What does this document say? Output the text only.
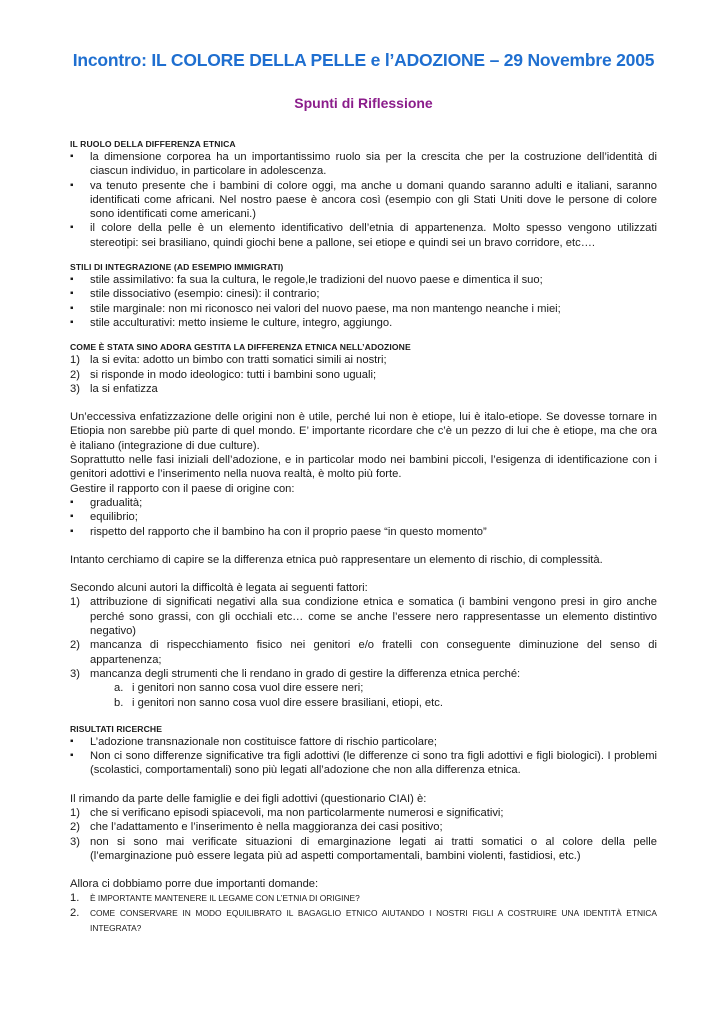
Incontro: IL COLORE DELLA PELLE e l’ADOZIONE – 29 Novembre 2005
Spunti di Riflessione
IL RUOLO DELLA DIFFERENZA ETNICA
▪ la dimensione corporea ha un importantissimo ruolo sia per la crescita che per la costruzione dell’identità di ciascun individuo, in particolare in adolescenza.
▪ va tenuto presente che i bambini di colore oggi, ma anche u domani quando saranno adulti e italiani, saranno identificati come africani. Nel nostro paese è ancora così (esempio con gli Stati Uniti dove le persone di colore sono identificati come americani.)
▪ il colore della pelle è un elemento identificativo dell’etnia di appartenenza. Molto spesso vengono utilizzati stereotipi: sei brasiliano, quindi giochi bene a pallone, sei etiope e quindi sei un bravo corridore, etc….
STILI DI INTEGRAZIONE (AD ESEMPIO IMMIGRATI)
▪ stile assimilativo: fa sua la cultura, le regole,le tradizioni del nuovo paese e dimentica il suo;
▪ stile dissociativo (esempio: cinesi): il contrario;
▪ stile marginale: non mi riconosco nei valori del nuovo paese, ma non mantengo neanche i miei;
▪ stile acculturativi: metto insieme le culture, integro, aggiungo.
COME È STATA SINO ADORA GESTITA LA DIFFERENZA ETNICA NELL’ADOZIONE
1) la si evita: adotto un bimbo con tratti somatici simili ai nostri;
2) si risponde in modo ideologico: tutti i bambini sono uguali;
3) la si enfatizza

Un’eccessiva enfatizzazione delle origini non è utile, perché lui non è etiope, lui è italo-etiope. Se dovesse tornare in Etiopia non sarebbe più parte di quel mondo. E’ importante ricordare che c’è un pezzo di lui che è etiope, ma che ora è italiano (integrazione di due culture).

Soprattutto nelle fasi iniziali dell’adozione, e in particolar modo nei bambini piccoli, l’esigenza di identificazione con i genitori adottivi e l’inserimento nella nuova realtà, è molto più forte.

Gestire il rapporto con il paese di origine con:

▪ gradualità;
▪ equilibrio;
▪ rispetto del rapporto che il bambino ha con il proprio paese “in questo momento”

Intanto cerchiamo di capire se la differenza etnica può rappresentare un elemento di rischio, di complessità.

Secondo alcuni autori la difficoltà è legata ai seguenti fattori:

1) attribuzione di significati negativi alla sua condizione etnica e somatica (i bambini vengono presi in giro anche perché sono grassi, con gli occhiali etc… come se anche l’essere nero rappresentasse un elemento distintivo negativo)
2) mancanza di rispecchiamento fisico nei genitori e/o fratelli con conseguente diminuzione del senso di appartenenza;
3) mancanza degli strumenti che li rendano in grado di gestire la differenza etnica perché:
a. i genitori non sanno cosa vuol dire essere neri;
b. i genitori non sanno cosa vuol dire essere brasiliani, etiopi, etc.
RISULTATI RICERCHE
▪ L’adozione transnazionale non costituisce fattore di rischio particolare;
▪ Non ci sono differenze significative tra figli adottivi (le differenze ci sono tra figli adottivi e figli biologici). I problemi (scolastici, comportamentali) sono più legati all’adozione che non alla differenza etnica.

Il rimando da parte delle famiglie e dei figli adottivi (questionario CIAI) è:

1) che si verificano episodi spiacevoli, ma non particolarmente numerosi e significativi;
2) che l’adattamento e l’inserimento è nella maggioranza dei casi positivo;
3) non si sono mai verificate situazioni di emarginazione legati ai tratti somatici o al colore della pelle (l’emarginazione può essere legata più ad aspetti comportamentali, bambini violenti, fastidiosi, etc.)

Allora ci dobbiamo porre due importanti domande:

1. È IMPORTANTE MANTENERE IL LEGAME CON L’ETNIA DI ORIGINE?
2. COME CONSERVARE IN MODO EQUILIBRATO IL BAGAGLIO ETNICO AIUTANDO I NOSTRI FIGLI A COSTRUIRE UNA IDENTITÀ ETNICA INTEGRATA?
